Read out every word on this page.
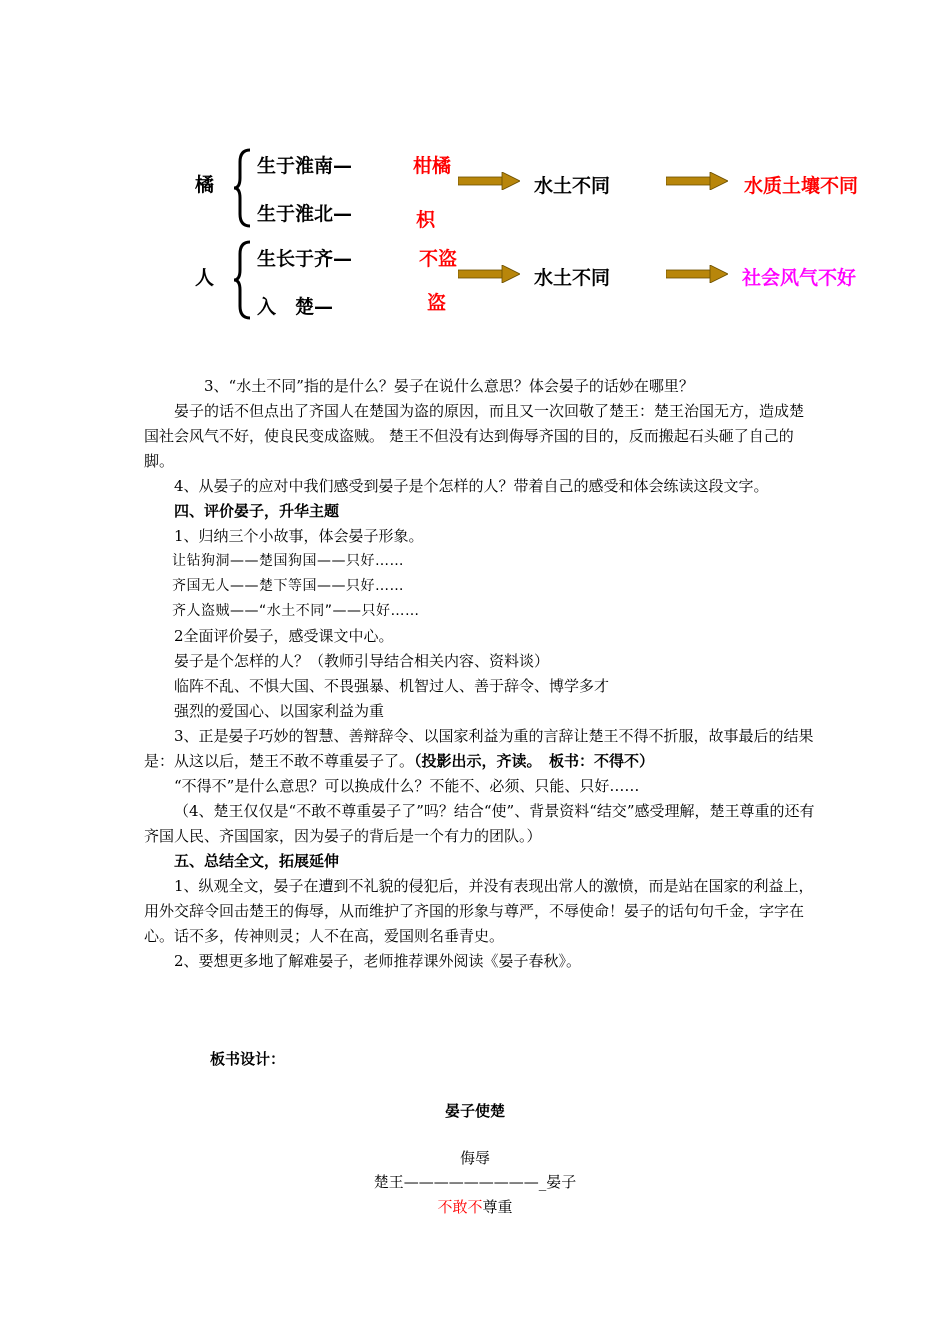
橘
生于淮南—
生于淮北—
柑橘
枳
水土不同	水质土壤不同
人
生长于齐—
入　楚—
不盗
盗
水土不同	社会风气不好

3、“水土不同”指的是什么？晏子在说什么意思？体会晏子的话妙在哪里？

晏子的话不但点出了齐国人在楚国为盗的原因，而且又一次回敬了楚王：楚王治国无方，造成楚国社会风气不好，使良民变成盗贼。 楚王不但没有达到侮辱齐国的目的，反而搬起石头砸了自己的脚。

4、从晏子的应对中我们感受到晏子是个怎样的人？带着自己的感受和体会练读这段文字。

四、评价晏子，升华主题

1、归纳三个小故事，体会晏子形象。

让钻狗洞——楚国狗国——只好……

齐国无人——楚下等国——只好……

齐人盗贼——“水土不同”——只好……

2全面评价晏子，感受课文中心。

晏子是个怎样的人？（教师引导结合相关内容、资料谈）

临阵不乱、不惧大国、不畏强暴、机智过人、善于辞令、博学多才

强烈的爱国心、以国家利益为重

3、正是晏子巧妙的智慧、善辩辞令、以国家利益为重的言辞让楚王不得不折服，故事最后的结果是：从这以后，楚王不敢不尊重晏子了。（投影出示，齐读。　板书：不得不）

“不得不”是什么意思？可以换成什么？不能不、必须、只能、只好……

（4、楚王仅仅是“不敢不尊重晏子了”吗？结合“使”、背景资料“结交”感受理解，楚王尊重的还有齐国人民、齐国国家，因为晏子的背后是一个有力的团队。）

五、总结全文，拓展延伸

1、纵观全文，晏子在遭到不礼貌的侵犯后，并没有表现出常人的激愤，而是站在国家的利益上，用外交辞令回击楚王的侮辱，从而维护了齐国的形象与尊严，不辱使命！晏子的话句句千金，字字在心。话不多，传神则灵；人不在高，爱国则名垂青史。

2、要想更多地了解难晏子，老师推荐课外阅读《晏子春秋》。

板书设计：
晏子使楚
侮辱
楚王—————————_晏子
不敢不尊重
